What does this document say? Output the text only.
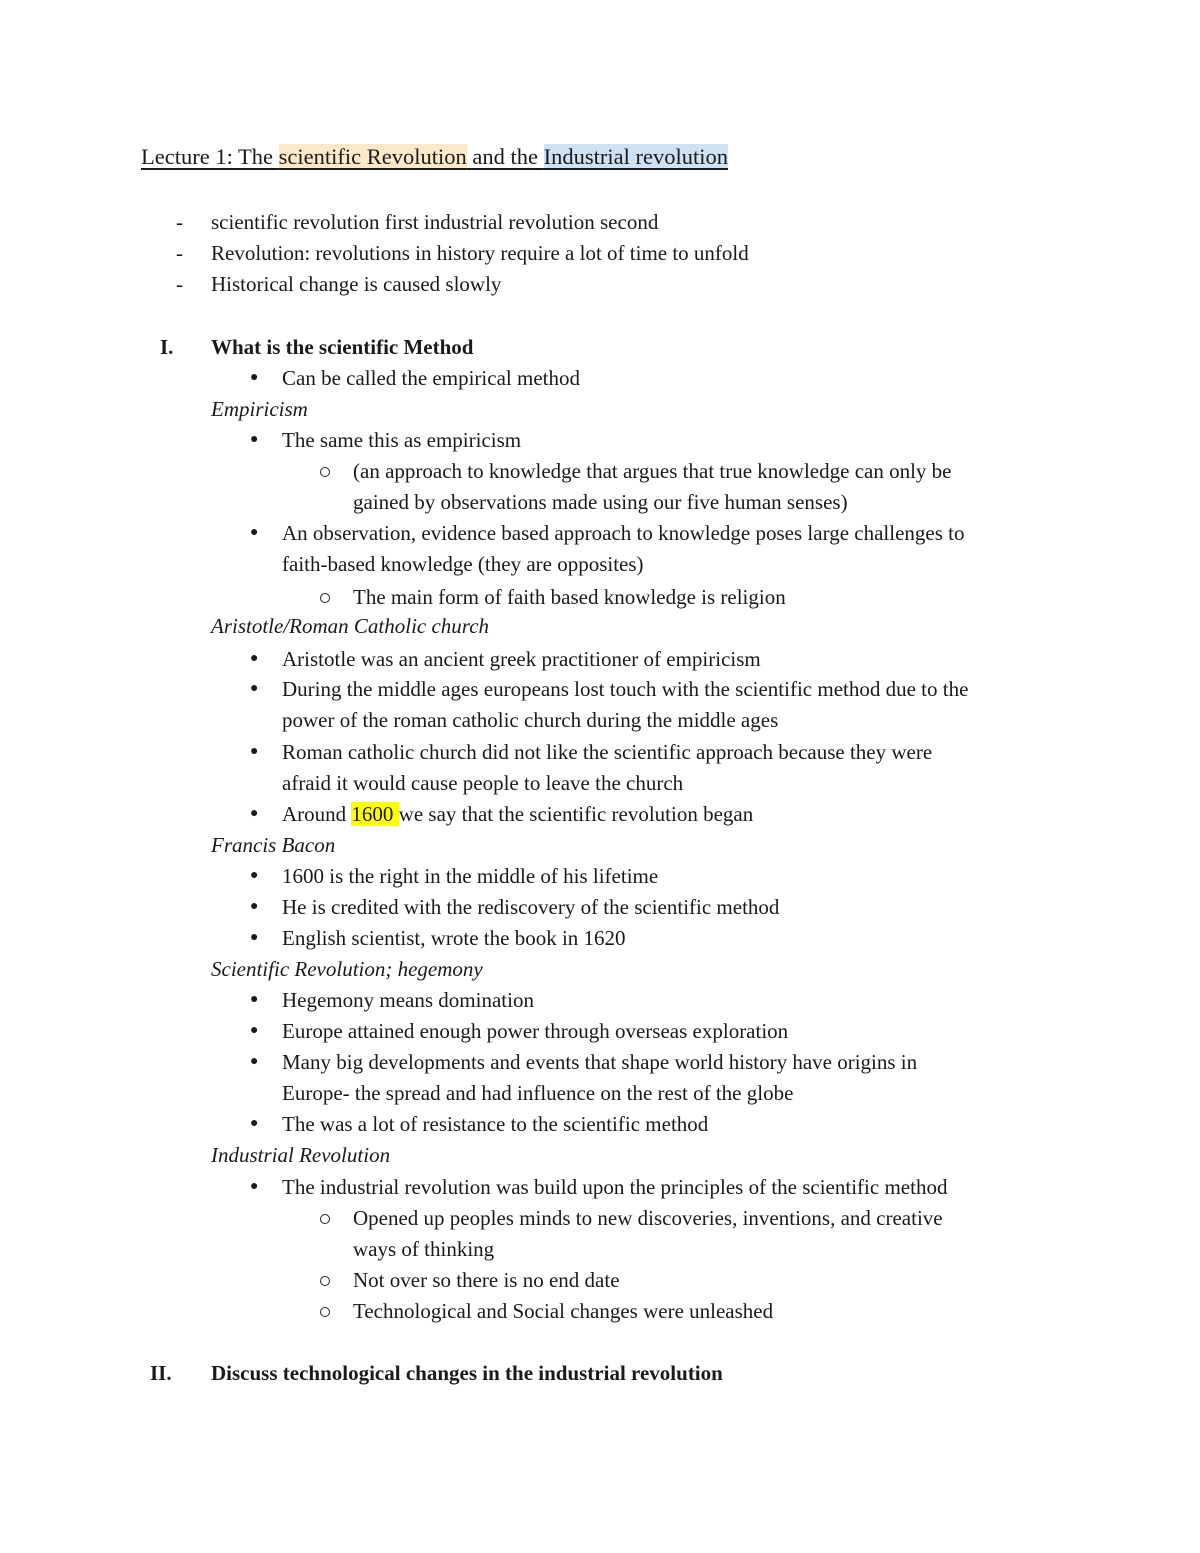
Lecture 1: The scientific Revolution and the Industrial revolution
- scientific revolution first industrial revolution second
- Revolution: revolutions in history require a lot of time to unfold
- Historical change is caused slowly
I. What is the scientific Method
● Can be called the empirical method
Empiricism
● The same this as empiricism
(an approach to knowledge that argues that true knowledge can only be
gained by observations made using our five human senses)
● An observation, evidence based approach to knowledge poses large challenges to
faith-based knowledge (they are opposites)
The main form of faith based knowledge is religion
Aristotle/Roman Catholic church
● Aristotle was an ancient greek practitioner of empiricism
● During the middle ages europeans lost touch with the scientific method due to the
power of the roman catholic church during the middle ages
● Roman catholic church did not like the scientific approach because they were
afraid it would cause people to leave the church
● Around 1600 we say that the scientific revolution began
Francis Bacon
● 1600 is the right in the middle of his lifetime
● He is credited with the rediscovery of the scientific method
● English scientist, wrote the book in 1620
Scientific Revolution; hegemony
● Hegemony means domination
● Europe attained enough power through overseas exploration
● Many big developments and events that shape world history have origins in
Europe- the spread and had influence on the rest of the globe
● The was a lot of resistance to the scientific method
Industrial Revolution
● The industrial revolution was build upon the principles of the scientific method
Opened up peoples minds to new discoveries, inventions, and creative
ways of thinking
Not over so there is no end date
Technological and Social changes were unleashed
II. Discuss technological changes in the industrial revolution
